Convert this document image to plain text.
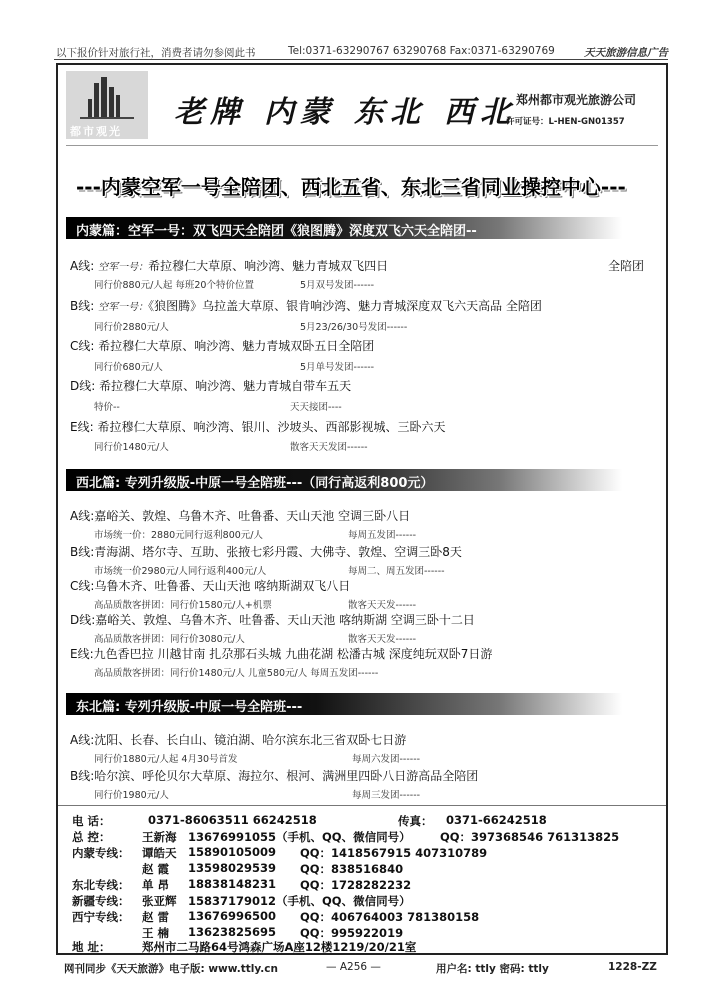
以下报价针对旅行社，消费者请勿参阅此书	Tel:0371-63290767 63290768 Fax:0371-63290769	天天旅游信息广告
都市观光
老牌 内蒙 东北 西北 郑州都市观光旅游公司
许可证号：L-HEN-GN01357
---内蒙空军一号全陪团、西北五省、东北三省同业操控中心---
内蒙篇：空军一号：双飞四天全陪团《狼图腾》深度双飞六天全陪团--
A线: 空军一号：希拉穆仁大草原、响沙湾、魅力青城双飞四日	全陪团
同行价880元/人起 每班20个特价位置	5月双号发团------
B线: 空军一号：《狼图腾》乌拉盖大草原、银肯响沙湾、魅力青城深度双飞六天高品 全陪团
同行价2880元/人	5月23/26/30号发团------
C线: 希拉穆仁大草原、响沙湾、魅力青城双卧五日全陪团
同行价680元/人	5月单号发团------
D线: 希拉穆仁大草原、响沙湾、魅力青城自带车五天
特价--	天天接团----
E线: 希拉穆仁大草原、响沙湾、银川、沙坡头、西部影视城、三卧六天
同行价1480元/人	散客天天发团------
西北篇: 专列升级版-中原一号全陪班---（同行高返利800元）
A线:嘉峪关、敦煌、乌鲁木齐、吐鲁番、天山天池 空调三卧八日
市场统一价：2880元同行返利800元/人	每周五发团------
B线:青海湖、塔尔寺、互助、张掖七彩丹霞、大佛寺、敦煌、空调三卧8天
市场统一价2980元/人同行返利400元/人	每周二、周五发团------
C线:乌鲁木齐、吐鲁番、天山天池 喀纳斯湖双飞八日
高品质散客拼团：同行价1580元/人+机票	散客天天发------
D线:嘉峪关、敦煌、乌鲁木齐、吐鲁番、天山天池 喀纳斯湖 空调三卧十二日
高品质散客拼团：同行价3080元/人	散客天天发------
E线:九色香巴拉 川越甘南 扎尕那石头城 九曲花湖 松潘古城 深度纯玩双卧7日游
高品质散客拼团：同行价1480元/人 儿童580元/人 每周五发团------
东北篇: 专列升级版-中原一号全陪班---
A线:沈阳、长春、长白山、镜泊湖、哈尔滨东北三省双卧七日游
同行价1880元/人起 4月30号首发	每周六发团------
B线:哈尔滨、呼伦贝尔大草原、海拉尔、根河、满洲里四卧八日游高品全陪团
同行价1980元/人	每周三发团------
电 话：	0371-86063511 66242518	传真： 0371-66242518
总 控：	王新海 13676991055（手机、QQ、微信同号）	QQ：397368546 761313825
内蒙专线： 谭皓天 15890105009 QQ：1418567915 407310789
赵 霞 13598029539 QQ：838516840
东北专线： 单 昂 18838148231 QQ：1728282232
新疆专线： 张亚辉 15837179012（手机、QQ、微信同号）
西宁专线： 赵 雷 13676996500 QQ：406764003 781380158
王 楠 13623825695 QQ：995922019
地 址：	郑州市二马路64号鸿森广场A座12楼1219/20/21室
网刊同步《天天旅游》电子版: www.ttly.cn	— A256 —	用户名: ttly 密码: ttly	1228-ZZ
